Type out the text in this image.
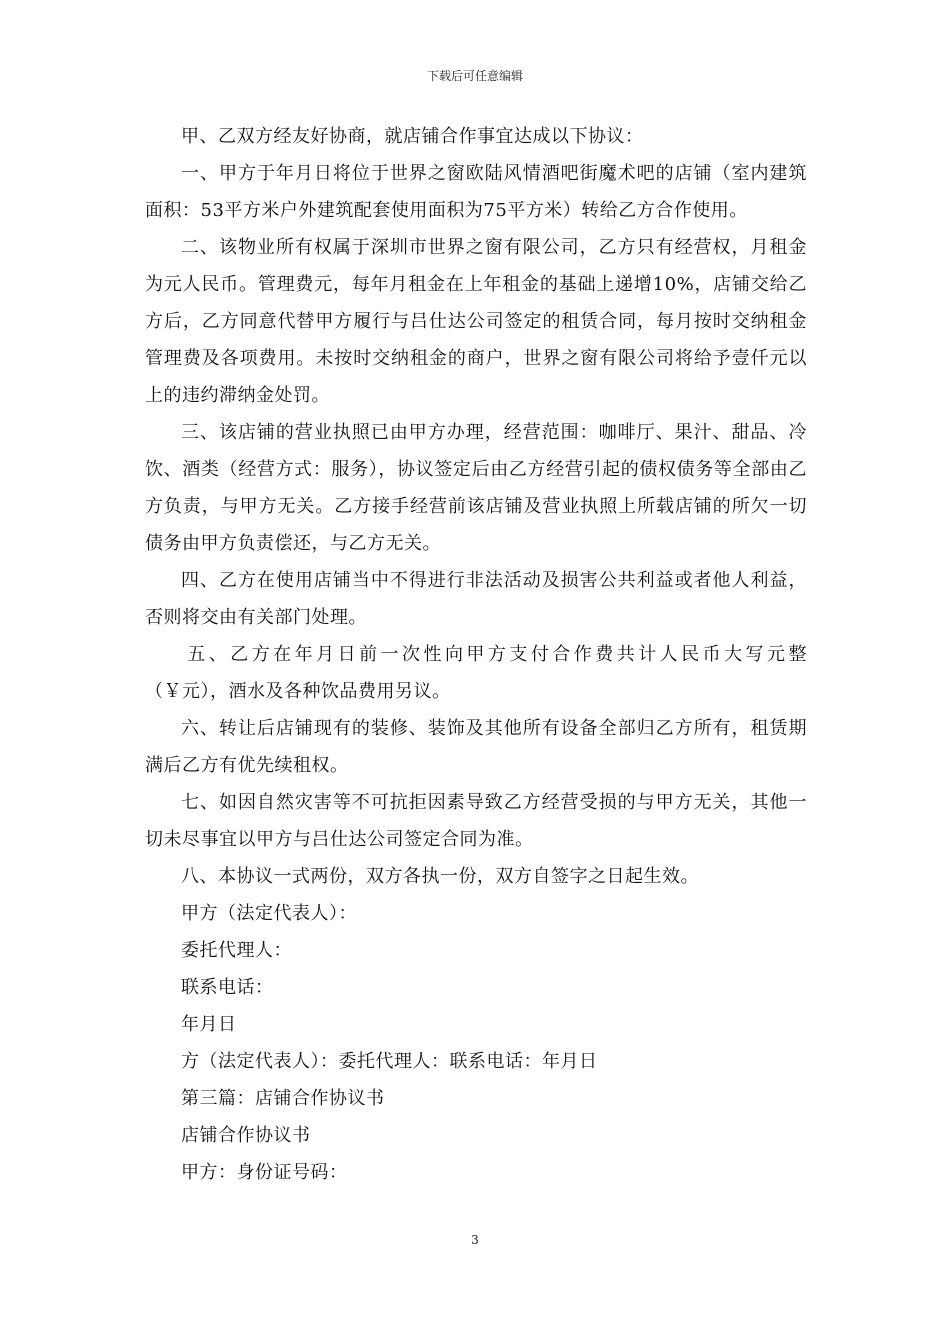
下载后可任意编辑

甲、乙双方经友好协商，就店铺合作事宜达成以下协议：

一、甲方于年月日将位于世界之窗欧陆风情酒吧街魔术吧的店铺（室内建筑面积：53平方米户外建筑配套使用面积为75平方米）转给乙方合作使用。

二、该物业所有权属于深圳市世界之窗有限公司，乙方只有经营权，月租金为元人民币。管理费元，每年月租金在上年租金的基础上递增10%，店铺交给乙方后，乙方同意代替甲方履行与吕仕达公司签定的租赁合同，每月按时交纳租金管理费及各项费用。未按时交纳租金的商户，世界之窗有限公司将给予壹仟元以上的违约滞纳金处罚。

三、该店铺的营业执照已由甲方办理，经营范围：咖啡厅、果汁、甜品、冷饮、酒类（经营方式：服务），协议签定后由乙方经营引起的债权债务等全部由乙方负责，与甲方无关。乙方接手经营前该店铺及营业执照上所载店铺的所欠一切债务由甲方负责偿还，与乙方无关。

四、乙方在使用店铺当中不得进行非法活动及损害公共利益或者他人利益，否则将交由有关部门处理。

五、乙方在年月日前一次性向甲方支付合作费共计人民币大写元整（￥元），酒水及各种饮品费用另议。

六、转让后店铺现有的装修、装饰及其他所有设备全部归乙方所有，租赁期满后乙方有优先续租权。

七、如因自然灾害等不可抗拒因素导致乙方经营受损的与甲方无关，其他一切未尽事宜以甲方与吕仕达公司签定合同为准。

八、本协议一式两份，双方各执一份，双方自签字之日起生效。

甲方（法定代表人）：

委托代理人：

联系电话：

年月日

方（法定代表人）：委托代理人：联系电话：年月日

第三篇：店铺合作协议书

店铺合作协议书

甲方：身份证号码：

3
